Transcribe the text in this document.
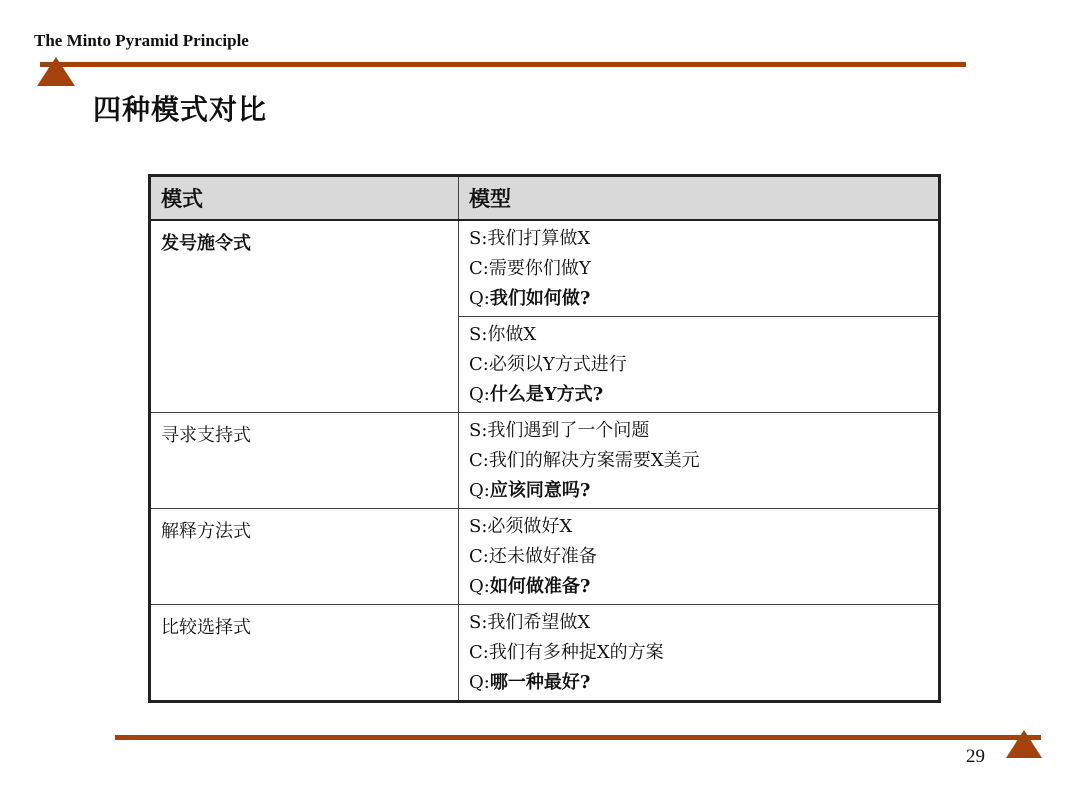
The Minto Pyramid Principle
四种模式对比
模式	模型
发号施令式	S:我们打算做X
C:需要你们做Y
Q:我们如何做?

	S:你做X
C:必须以Y方式进行
Q:什么是Y方式?

寻求支持式	S:我们遇到了一个问题
C:我们的解决方案需要X美元
Q:应该同意吗?

解释方法式	S:必须做好X
C:还未做好准备
Q:如何做准备?

比较选择式	S:我们希望做X
C:我们有多种捉X的方案
Q:哪一种最好?
29
